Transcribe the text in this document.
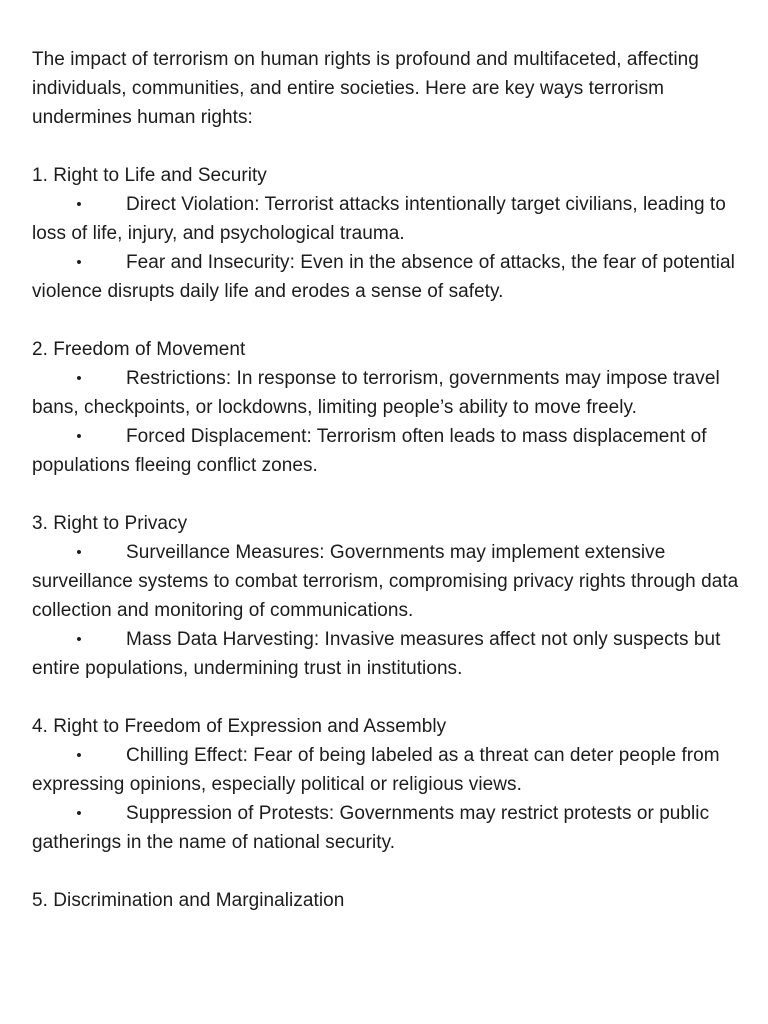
The impact of terrorism on human rights is profound and multifaceted, affecting individuals, communities, and entire societies. Here are key ways terrorism undermines human rights:

1. Right to Life and Security

• Direct Violation: Terrorist attacks intentionally target civilians, leading to loss of life, injury, and psychological trauma.

• Fear and Insecurity: Even in the absence of attacks, the fear of potential violence disrupts daily life and erodes a sense of safety.

2. Freedom of Movement

• Restrictions: In response to terrorism, governments may impose travel bans, checkpoints, or lockdowns, limiting people’s ability to move freely.

• Forced Displacement: Terrorism often leads to mass displacement of populations fleeing conflict zones.

3. Right to Privacy

• Surveillance Measures: Governments may implement extensive surveillance systems to combat terrorism, compromising privacy rights through data collection and monitoring of communications.

• Mass Data Harvesting: Invasive measures affect not only suspects but entire populations, undermining trust in institutions.

4. Right to Freedom of Expression and Assembly

• Chilling Effect: Fear of being labeled as a threat can deter people from expressing opinions, especially political or religious views.

• Suppression of Protests: Governments may restrict protests or public gatherings in the name of national security.

5. Discrimination and Marginalization
